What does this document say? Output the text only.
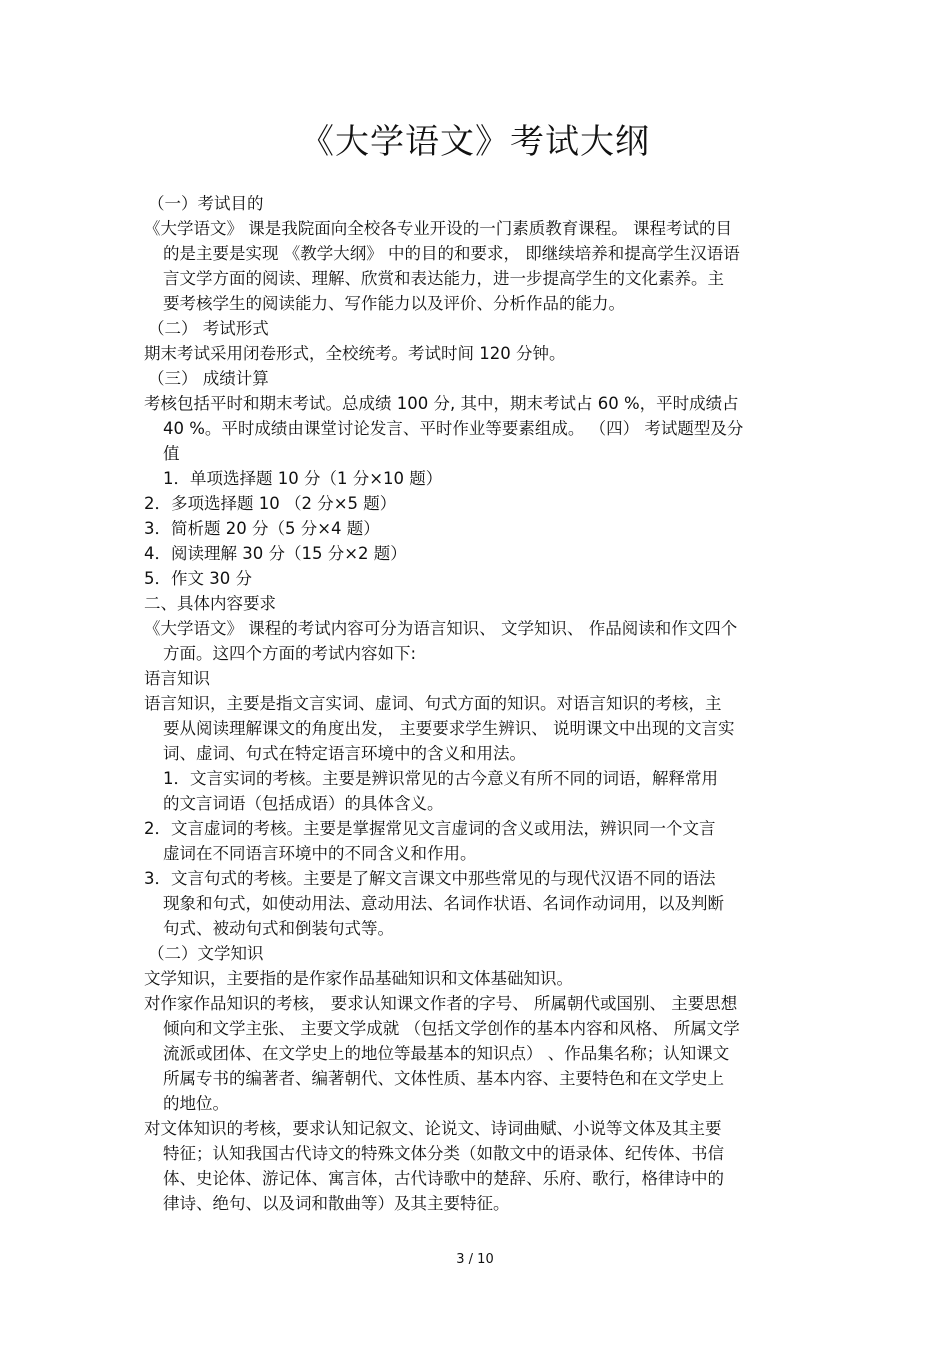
《大学语文》考试大纲
（一）考试目的
《大学语文》 课是我院面向全校各专业开设的一门素质教育课程。 课程考试的目
的是主要是实现 《教学大纲》 中的目的和要求， 即继续培养和提高学生汉语语
言文学方面的阅读、理解、欣赏和表达能力，进一步提高学生的文化素养。主
要考核学生的阅读能力、写作能力以及评价、分析作品的能力。
（二） 考试形式
期末考试采用闭卷形式，全校统考。考试时间 120 分钟。
（三） 成绩计算
考核包括平时和期末考试。总成绩 100 分, 其中，期末考试占 60 %，平时成绩占
40 %。平时成绩由课堂讨论发言、平时作业等要素组成。 （四） 考试题型及分
值
1．单项选择题 10 分（1 分×10 题）
2．多项选择题 10 （2 分×5 题）
3．简析题 20 分（5 分×4 题）
4．阅读理解 30 分（15 分×2 题）
5．作文 30 分
二、具体内容要求
《大学语文》 课程的考试内容可分为语言知识、 文学知识、 作品阅读和作文四个
方面。这四个方面的考试内容如下:
语言知识
语言知识，主要是指文言实词、虚词、句式方面的知识。对语言知识的考核，主
要从阅读理解课文的角度出发， 主要要求学生辨识、 说明课文中出现的文言实
词、虚词、句式在特定语言环境中的含义和用法。
1．文言实词的考核。主要是辨识常见的古今意义有所不同的词语，解释常用
的文言词语（包括成语）的具体含义。
2．文言虚词的考核。主要是掌握常见文言虚词的含义或用法，辨识同一个文言
虚词在不同语言环境中的不同含义和作用。
3．文言句式的考核。主要是了解文言课文中那些常见的与现代汉语不同的语法
现象和句式，如使动用法、意动用法、名词作状语、名词作动词用，以及判断
句式、被动句式和倒装句式等。
（二）文学知识
文学知识，主要指的是作家作品基础知识和文体基础知识。
对作家作品知识的考核， 要求认知课文作者的字号、 所属朝代或国别、 主要思想
倾向和文学主张、 主要文学成就 （包括文学创作的基本内容和风格、 所属文学
流派或团体、在文学史上的地位等最基本的知识点） 、作品集名称；认知课文
所属专书的编著者、编著朝代、文体性质、基本内容、主要特色和在文学史上
的地位。
对文体知识的考核，要求认知记叙文、论说文、诗词曲赋、小说等文体及其主要
特征；认知我国古代诗文的特殊文体分类（如散文中的语录体、纪传体、书信
体、史论体、游记体、寓言体，古代诗歌中的楚辞、乐府、歌行，格律诗中的
律诗、绝句、以及词和散曲等）及其主要特征。
3 / 10
